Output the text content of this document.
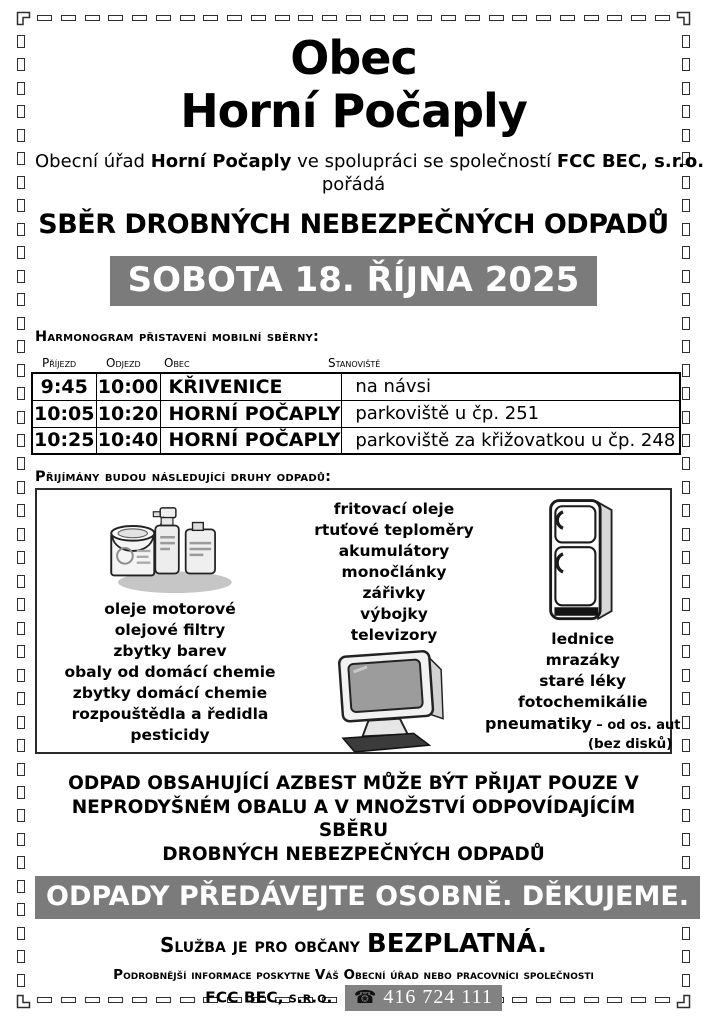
Obec
Horní Počaply
Obecní úřad Horní Počaply ve spolupráci se společností FCC BEC, s.r.o.
pořádá
SBĚR DROBNÝCH NEBEZPEČNÝCH ODPADŮ
SOBOTA 18. ŘÍJNA 2025
Harmonogram přistavení mobilní sběrny:
Příjezd	Odjezd	Obec	Stanoviště
9:45	10:00	KŘIVENICE	na návsi
10:05	10:20	HORNÍ POČAPLY	parkoviště u čp. 251
10:25	10:40	HORNÍ POČAPLY	parkoviště za křižovatkou u čp. 248
Přijímány budou následující druhy odpadů:
oleje motorové
olejové filtry
zbytky barev
obaly od domácí chemie
zbytky domácí chemie
rozpouštědla a ředidla
pesticidy
fritovací oleje
rtuťové teploměry
akumulátory
monočlánky
zářivky
výbojky
televizory	lednice
mrazáky
staré léky
fotochemikálie
pneumatiky – od os. aut
(bez disků)
ODPAD OBSAHUJÍCÍ AZBEST MŮŽE BÝT PŘIJAT POUZE V
NEPRODYŠNÉM OBALU A V MNOŽSTVÍ ODPOVÍDAJÍCÍM SBĚRU
DROBNÝCH NEBEZPEČNÝCH ODPADŮ
ODPADY PŘEDÁVEJTE OSOBNĚ. DĚKUJEME.
Služba je pro občany BEZPLATNÁ.
Podrobnější informace poskytne Váš Obecní úřad nebo pracovníci společnosti
FCC BEC, s.r.o. ☎ 416 724 111
